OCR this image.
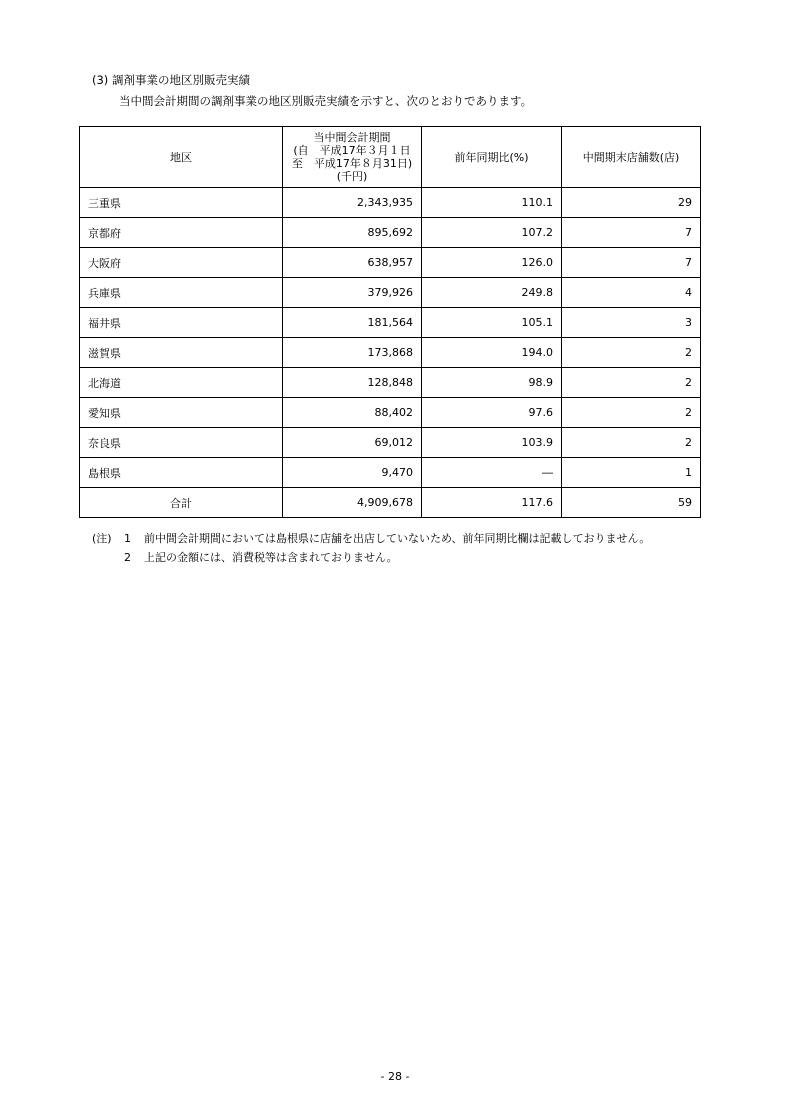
(3) 調剤事業の地区別販売実績
当中間会計期間の調剤事業の地区別販売実績を示すと、次のとおりであります。
地区	当中間会計期間
(自　平成17年３月１日
至　平成17年８月31日)
(千円)	前年同期比(%)	中間期末店舗数(店)
三重県	2,343,935	110.1	29
京都府	895,692	107.2	7
大阪府	638,957	126.0	7
兵庫県	379,926	249.8	4
福井県	181,564	105.1	3
滋賀県	173,868	194.0	2
北海道	128,848	98.9	2
愛知県	88,402	97.6	2
奈良県	69,012	103.9	2
島根県	9,470	―	1
合計	4,909,678	117.6	59
(注)	1	前中間会計期間においては島根県に店舗を出店していないため、前年同期比欄は記載しておりません。
2	上記の金額には、消費税等は含まれておりません。
- 28 -
